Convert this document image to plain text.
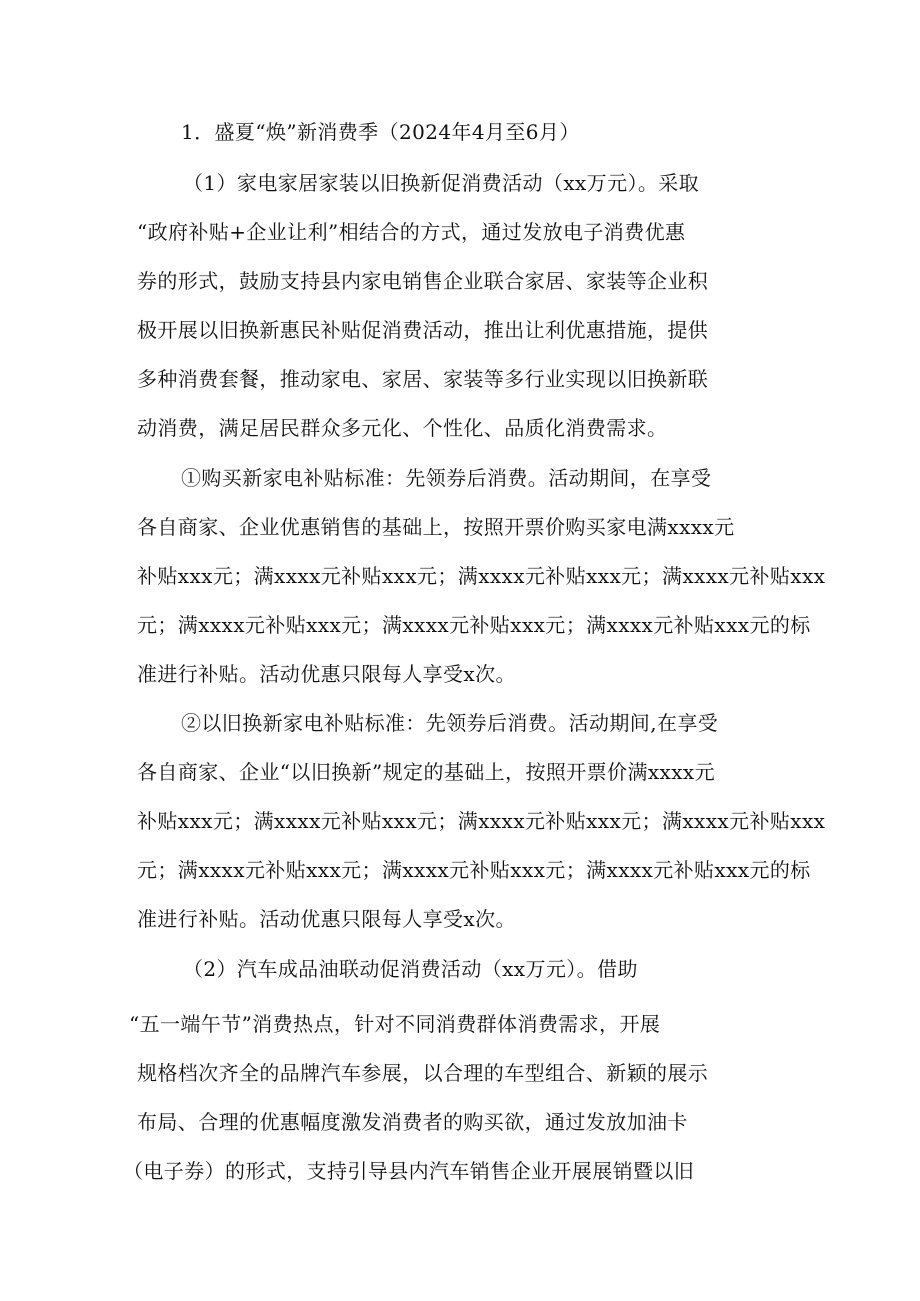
1．盛夏“焕”新消费季（2024年4月至6月）
（1）家电家居家装以旧换新促消费活动（xx万元）。采取
“政府补贴+企业让利”相结合的方式，通过发放电子消费优惠
券的形式，鼓励支持县内家电销售企业联合家居、家装等企业积
极开展以旧换新惠民补贴促消费活动，推出让利优惠措施，提供
多种消费套餐，推动家电、家居、家装等多行业实现以旧换新联
动消费，满足居民群众多元化、个性化、品质化消费需求。
①购买新家电补贴标准：先领券后消费。活动期间，在享受
各自商家、企业优惠销售的基础上，按照开票价购买家电满xxxx元
补贴xxx元；满xxxx元补贴xxx元；满xxxx元补贴xxx元；满xxxx元补贴xxx
元；满xxxx元补贴xxx元；满xxxx元补贴xxx元；满xxxx元补贴xxx元的标
准进行补贴。活动优惠只限每人享受x次。
②以旧换新家电补贴标准：先领券后消费。活动期间,在享受
各自商家、企业“以旧换新”规定的基础上，按照开票价满xxxx元
补贴xxx元；满xxxx元补贴xxx元；满xxxx元补贴xxx元；满xxxx元补贴xxx
元；满xxxx元补贴xxx元；满xxxx元补贴xxx元；满xxxx元补贴xxx元的标
准进行补贴。活动优惠只限每人享受x次。
（2）汽车成品油联动促消费活动（xx万元）。借助
“五一端午节”消费热点，针对不同消费群体消费需求，开展
规格档次齐全的品牌汽车参展，以合理的车型组合、新颖的展示
布局、合理的优惠幅度激发消费者的购买欲，通过发放加油卡
（电子券）的形式，支持引导县内汽车销售企业开展展销暨以旧
